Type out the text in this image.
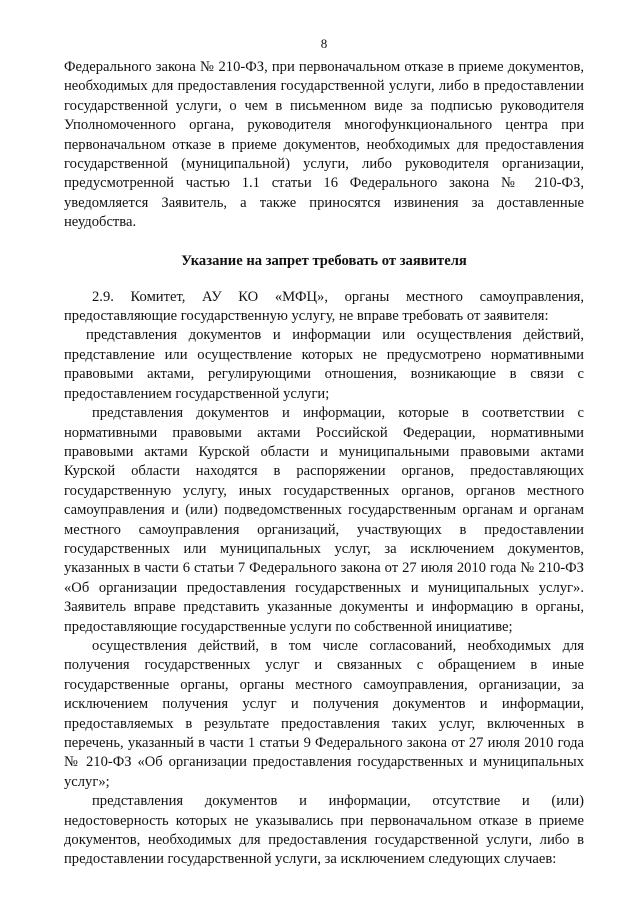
8

Федерального закона № 210-ФЗ, при первоначальном отказе в приеме документов, необходимых для предоставления государственной услуги, либо в предоставлении государственной услуги, о чем в письменном виде за подписью руководителя Уполномоченного органа, руководителя многофункционального центра при первоначальном отказе в приеме документов, необходимых для предоставления государственной (муниципальной) услуги, либо руководителя организации, предусмотренной частью 1.1 статьи 16 Федерального закона № 210-ФЗ, уведомляется Заявитель, а также приносятся извинения за доставленные неудобства.

Указание на запрет требовать от заявителя

2.9. Комитет, АУ КО «МФЦ», органы местного самоуправления, предоставляющие государственную услугу, не вправе требовать от заявителя:

представления документов и информации или осуществления действий, представление или осуществление которых не предусмотрено нормативными правовыми актами, регулирующими отношения, возникающие в связи с предоставлением государственной услуги;

представления документов и информации, которые в соответствии с нормативными правовыми актами Российской Федерации, нормативными правовыми актами Курской области и муниципальными правовыми актами Курской области находятся в распоряжении органов, предоставляющих государственную услугу, иных государственных органов, органов местного самоуправления и (или) подведомственных государственным органам и органам местного самоуправления организаций, участвующих в предоставлении государственных или муниципальных услуг, за исключением документов, указанных в части 6 статьи 7 Федерального закона от 27 июля 2010 года № 210-ФЗ «Об организации предоставления государственных и муниципальных услуг». Заявитель вправе представить указанные документы и информацию в органы, предоставляющие государственные услуги по собственной инициативе;

осуществления действий, в том числе согласований, необходимых для получения государственных услуг и связанных с обращением в иные государственные органы, органы местного самоуправления, организации, за исключением получения услуг и получения документов и информации, предоставляемых в результате предоставления таких услуг, включенных в перечень, указанный в части 1 статьи 9 Федерального закона от 27 июля 2010 года № 210-ФЗ «Об организации предоставления государственных и муниципальных услуг»;

представления документов и информации, отсутствие и (или) недостоверность которых не указывались при первоначальном отказе в приеме документов, необходимых для предоставления государственной услуги, либо в предоставлении государственной услуги, за исключением следующих случаев:
